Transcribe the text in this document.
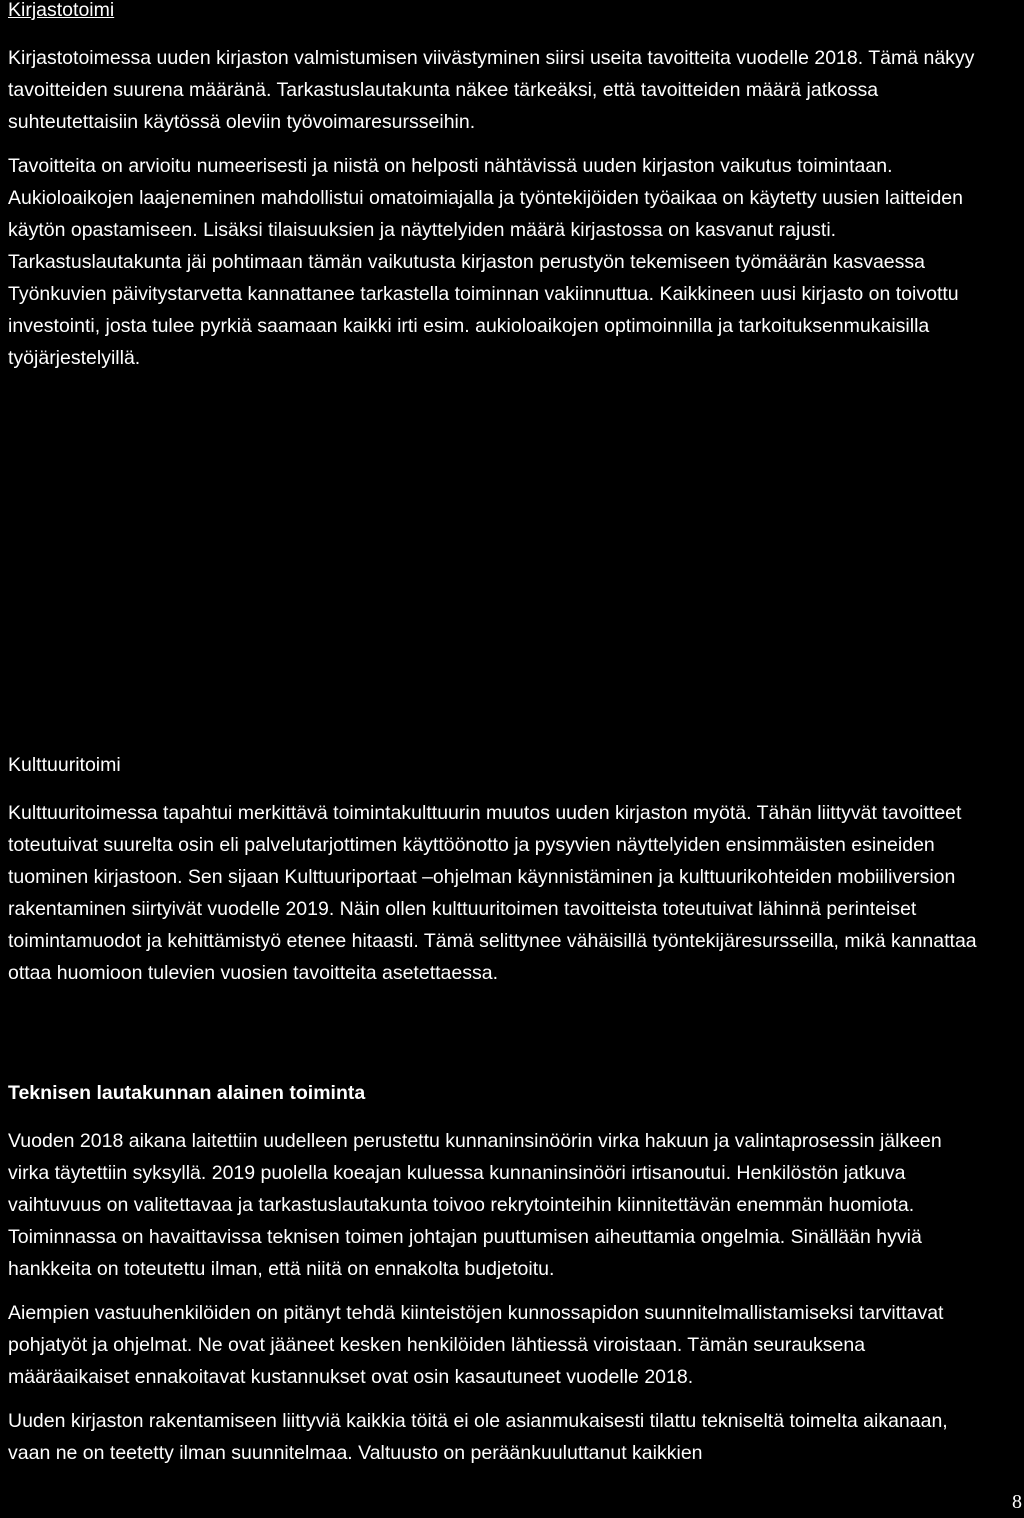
Kirjastotoimi

Kirjastotoimessa uuden kirjaston valmistumisen viivästyminen siirsi useita tavoitteita vuodelle 2018. Tämä näkyy tavoitteiden suurena määränä. Tarkastuslautakunta näkee tärkeäksi, että tavoitteiden määrä jatkossa suhteutettaisiin käytössä oleviin työvoimaresursseihin.

Tavoitteita on arvioitu numeerisesti ja niistä on helposti nähtävissä uuden kirjaston vaikutus toimintaan. Aukioloaikojen laajeneminen mahdollistui omatoimiajalla ja työntekijöiden työaikaa on käytetty uusien laitteiden käytön opastamiseen. Lisäksi tilaisuuksien ja näyttelyiden määrä kirjastossa on kasvanut rajusti. Tarkastuslautakunta jäi pohtimaan tämän vaikutusta kirjaston perustyön tekemiseen työmäärän kasvaessa Työnkuvien päivitystarvetta kannattanee tarkastella toiminnan vakiinnuttua. Kaikkineen uusi kirjasto on toivottu investointi, josta tulee pyrkiä saamaan kaikki irti esim. aukioloaikojen optimoinnilla ja tarkoituksenmukaisilla työjärjestelyillä.

Kulttuuritoimi

Kulttuuritoimessa tapahtui merkittävä toimintakulttuurin muutos uuden kirjaston myötä. Tähän liittyvät tavoitteet toteutuivat suurelta osin eli palvelutarjottimen käyttöönotto ja pysyvien näyttelyiden ensimmäisten esineiden tuominen kirjastoon. Sen sijaan Kulttuuriportaat –ohjelman käynnistäminen ja kulttuurikohteiden mobiiliversion rakentaminen siirtyivät vuodelle 2019. Näin ollen kulttuuritoimen tavoitteista toteutuivat lähinnä perinteiset toimintamuodot ja kehittämistyö etenee hitaasti. Tämä selittynee vähäisillä työntekijäresursseilla, mikä kannattaa ottaa huomioon tulevien vuosien tavoitteita asetettaessa.

Teknisen lautakunnan alainen toiminta

Vuoden 2018 aikana laitettiin uudelleen perustettu kunnaninsinöörin virka hakuun ja valintaprosessin jälkeen virka täytettiin syksyllä. 2019 puolella koeajan kuluessa kunnaninsinööri irtisanoutui. Henkilöstön jatkuva vaihtuvuus on valitettavaa ja tarkastuslautakunta toivoo rekrytointeihin kiinnitettävän enemmän huomiota. Toiminnassa on havaittavissa teknisen toimen johtajan puuttumisen aiheuttamia ongelmia. Sinällään hyviä hankkeita on toteutettu ilman, että niitä on ennakolta budjetoitu.

Aiempien vastuuhenkilöiden on pitänyt tehdä kiinteistöjen kunnossapidon suunnitelmallistamiseksi tarvittavat pohjatyöt ja ohjelmat. Ne ovat jääneet kesken henkilöiden lähtiessä viroistaan. Tämän seurauksena määräaikaiset ennakoitavat kustannukset ovat osin kasautuneet vuodelle 2018.

Uuden kirjaston rakentamiseen liittyviä kaikkia töitä ei ole asianmukaisesti tilattu tekniseltä toimelta aikanaan, vaan ne on teetetty ilman suunnitelmaa. Valtuusto on peräänkuuluttanut kaikkien

8
